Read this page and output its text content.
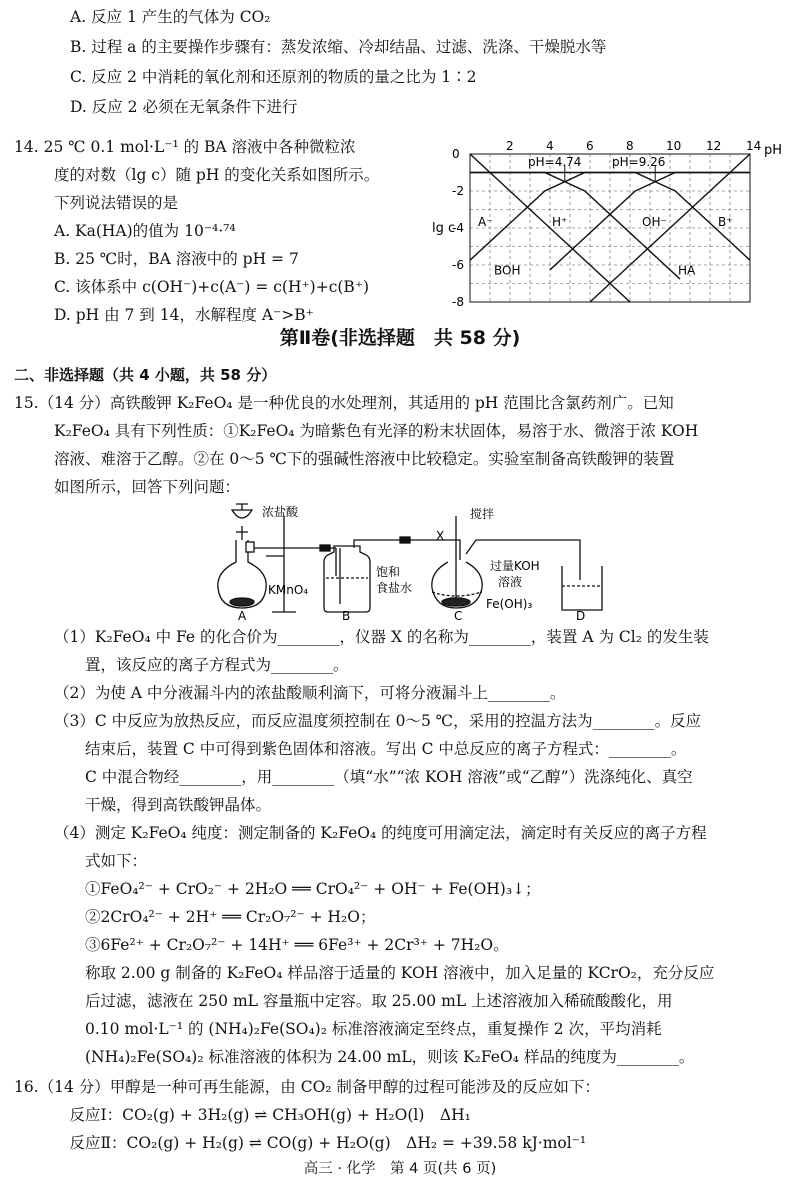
A. 反应 1 产生的气体为 CO₂
B. 过程 a 的主要操作步骤有：蒸发浓缩、冷却结晶、过滤、洗涤、干燥脱水等
C. 反应 2 中消耗的氧化剂和还原剂的物质的量之比为 1∶2
D. 反应 2 必须在无氧条件下进行
14. 25 ℃ 0.1 mol·L⁻¹ 的 BA 溶液中各种微粒浓
度的对数（lg c）随 pH 的变化关系如图所示。
下列说法错误的是
A. Ka(HA)的值为 10⁻⁴·⁷⁴
B. 25 ℃时，BA 溶液中的 pH = 7
C. 该体系中 c(OH⁻)+c(A⁻) = c(H⁺)+c(B⁺)
D. pH 由 7 到 14，水解程度 A⁻>B⁺
2	4	6	8	10 12 14
0
-2
-4
-6
-8
A⁻	H⁺	OH⁻	B⁺
BOH	HA
pH
lg c
pH=4.74	pH=9.26
第Ⅱ卷(非选择题　共 58 分)
二、非选择题（共 4 小题，共 58 分）
15.（14 分）高铁酸钾 K₂FeO₄ 是一种优良的水处理剂，其适用的 pH 范围比含氯药剂广。已知
K₂FeO₄ 具有下列性质：①K₂FeO₄ 为暗紫色有光泽的粉末状固体，易溶于水、微溶于浓 KOH
溶液、难溶于乙醇。②在 0～5 ℃下的强碱性溶液中比较稳定。实验室制备高铁酸钾的装置
如图所示，回答下列问题：
浓盐酸
KMnO₄
A	B
饱和
食盐水
X
搅拌
C
Fe(OH)₃
过量KOH
溶液
D
（1）K₂FeO₄ 中 Fe 的化合价为________，仪器 X 的名称为________，装置 A 为 Cl₂ 的发生装
　　置，该反应的离子方程式为________。
（2）为使 A 中分液漏斗内的浓盐酸顺利滴下，可将分液漏斗上________。
（3）C 中反应为放热反应，而反应温度须控制在 0～5 ℃，采用的控温方法为________。反应
　　结束后，装置 C 中可得到紫色固体和溶液。写出 C 中总反应的离子方程式：________。
　　C 中混合物经________，用________（填“水”“浓 KOH 溶液”或“乙醇”）洗涤纯化、真空
　　干燥，得到高铁酸钾晶体。
（4）测定 K₂FeO₄ 纯度：测定制备的 K₂FeO₄ 的纯度可用滴定法，滴定时有关反应的离子方程
　　式如下：
　　①FeO₄²⁻ + CrO₂⁻ + 2H₂O ══ CrO₄²⁻ + OH⁻ + Fe(OH)₃↓；
　　②2CrO₄²⁻ + 2H⁺ ══ Cr₂O₇²⁻ + H₂O；
　　③6Fe²⁺ + Cr₂O₇²⁻ + 14H⁺ ══ 6Fe³⁺ + 2Cr³⁺ + 7H₂O。
　　称取 2.00 g 制备的 K₂FeO₄ 样品溶于适量的 KOH 溶液中，加入足量的 KCrO₂，充分反应
　　后过滤，滤液在 250 mL 容量瓶中定容。取 25.00 mL 上述溶液加入稀硫酸酸化，用
　　0.10 mol·L⁻¹ 的 (NH₄)₂Fe(SO₄)₂ 标准溶液滴定至终点，重复操作 2 次，平均消耗
　　(NH₄)₂Fe(SO₄)₂ 标准溶液的体积为 24.00 mL，则该 K₂FeO₄ 样品的纯度为________。
16.（14 分）甲醇是一种可再生能源，由 CO₂ 制备甲醇的过程可能涉及的反应如下：
　反应Ⅰ：CO₂(g) + 3H₂(g) ⇌ CH₃OH(g) + H₂O(l)　ΔH₁
　反应Ⅱ：CO₂(g) + H₂(g) ⇌ CO(g) + H₂O(g)　ΔH₂ = +39.58 kJ·mol⁻¹
高三 · 化学　第 4 页(共 6 页)
